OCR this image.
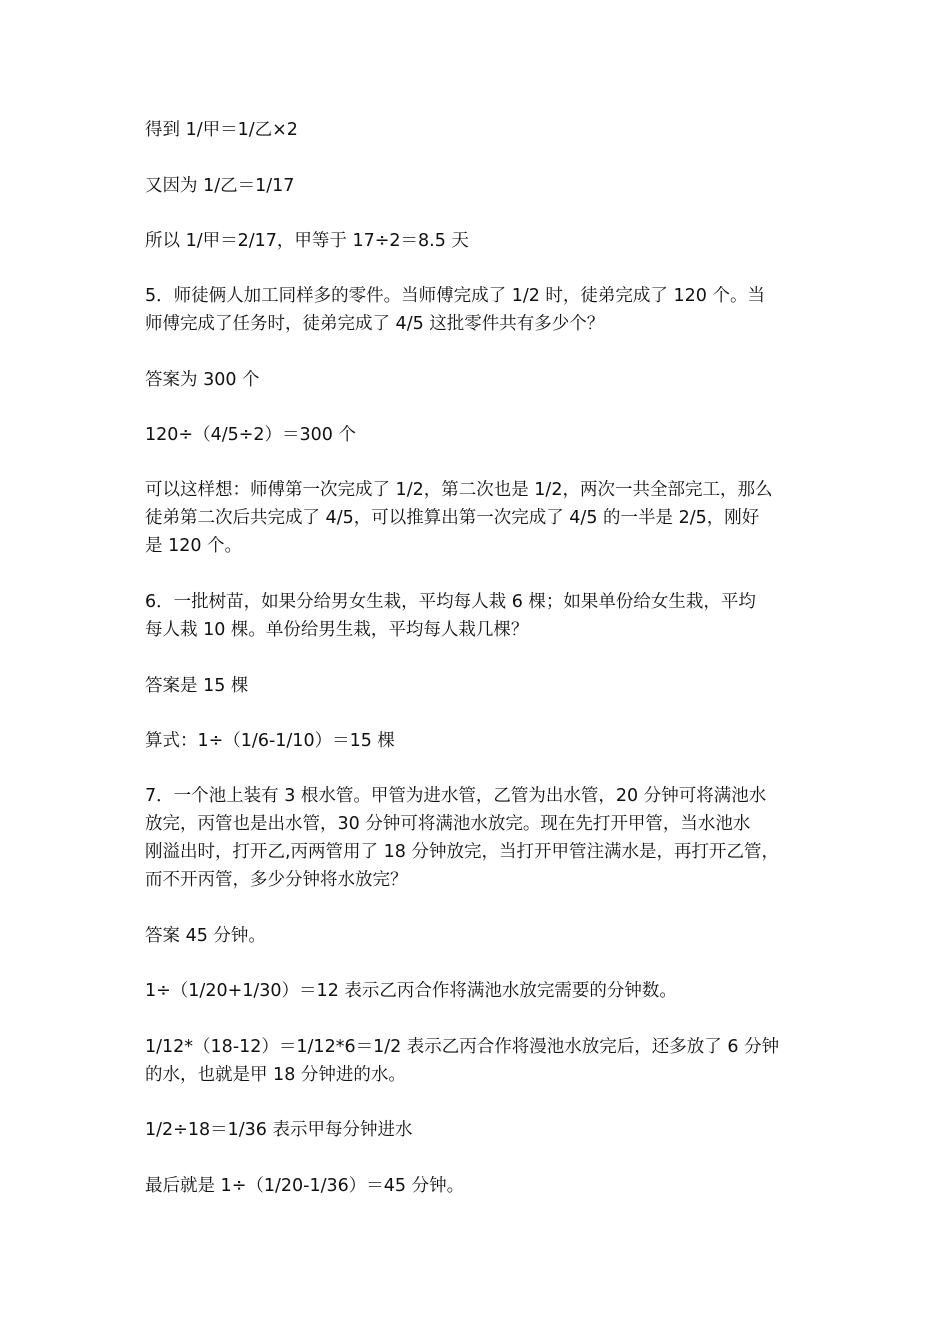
得到 1/甲＝1/乙×2

又因为 1/乙＝1/17

所以 1/甲＝2/17，甲等于 17÷2＝8.5 天

5．师徒俩人加工同样多的零件。当师傅完成了 1/2 时，徒弟完成了 120 个。当
师傅完成了任务时，徒弟完成了 4/5 这批零件共有多少个？

答案为 300 个

120÷（4/5÷2）＝300 个

可以这样想：师傅第一次完成了 1/2，第二次也是 1/2，两次一共全部完工，那么
徒弟第二次后共完成了 4/5，可以推算出第一次完成了 4/5 的一半是 2/5，刚好
是 120 个。

6．一批树苗，如果分给男女生栽，平均每人栽 6 棵；如果单份给女生栽，平均
每人栽 10 棵。单份给男生栽，平均每人栽几棵？

答案是 15 棵

算式：1÷（1/6-1/10）＝15 棵

7．一个池上装有 3 根水管。甲管为进水管，乙管为出水管，20 分钟可将满池水
放完，丙管也是出水管，30 分钟可将满池水放完。现在先打开甲管，当水池水
刚溢出时，打开乙,丙两管用了 18 分钟放完，当打开甲管注满水是，再打开乙管，
而不开丙管，多少分钟将水放完？

答案 45 分钟。

1÷（1/20+1/30）＝12 表示乙丙合作将满池水放完需要的分钟数。

1/12*（18-12）＝1/12*6＝1/2 表示乙丙合作将漫池水放完后，还多放了 6 分钟
的水，也就是甲 18 分钟进的水。

1/2÷18＝1/36 表示甲每分钟进水

最后就是 1÷（1/20-1/36）＝45 分钟。
